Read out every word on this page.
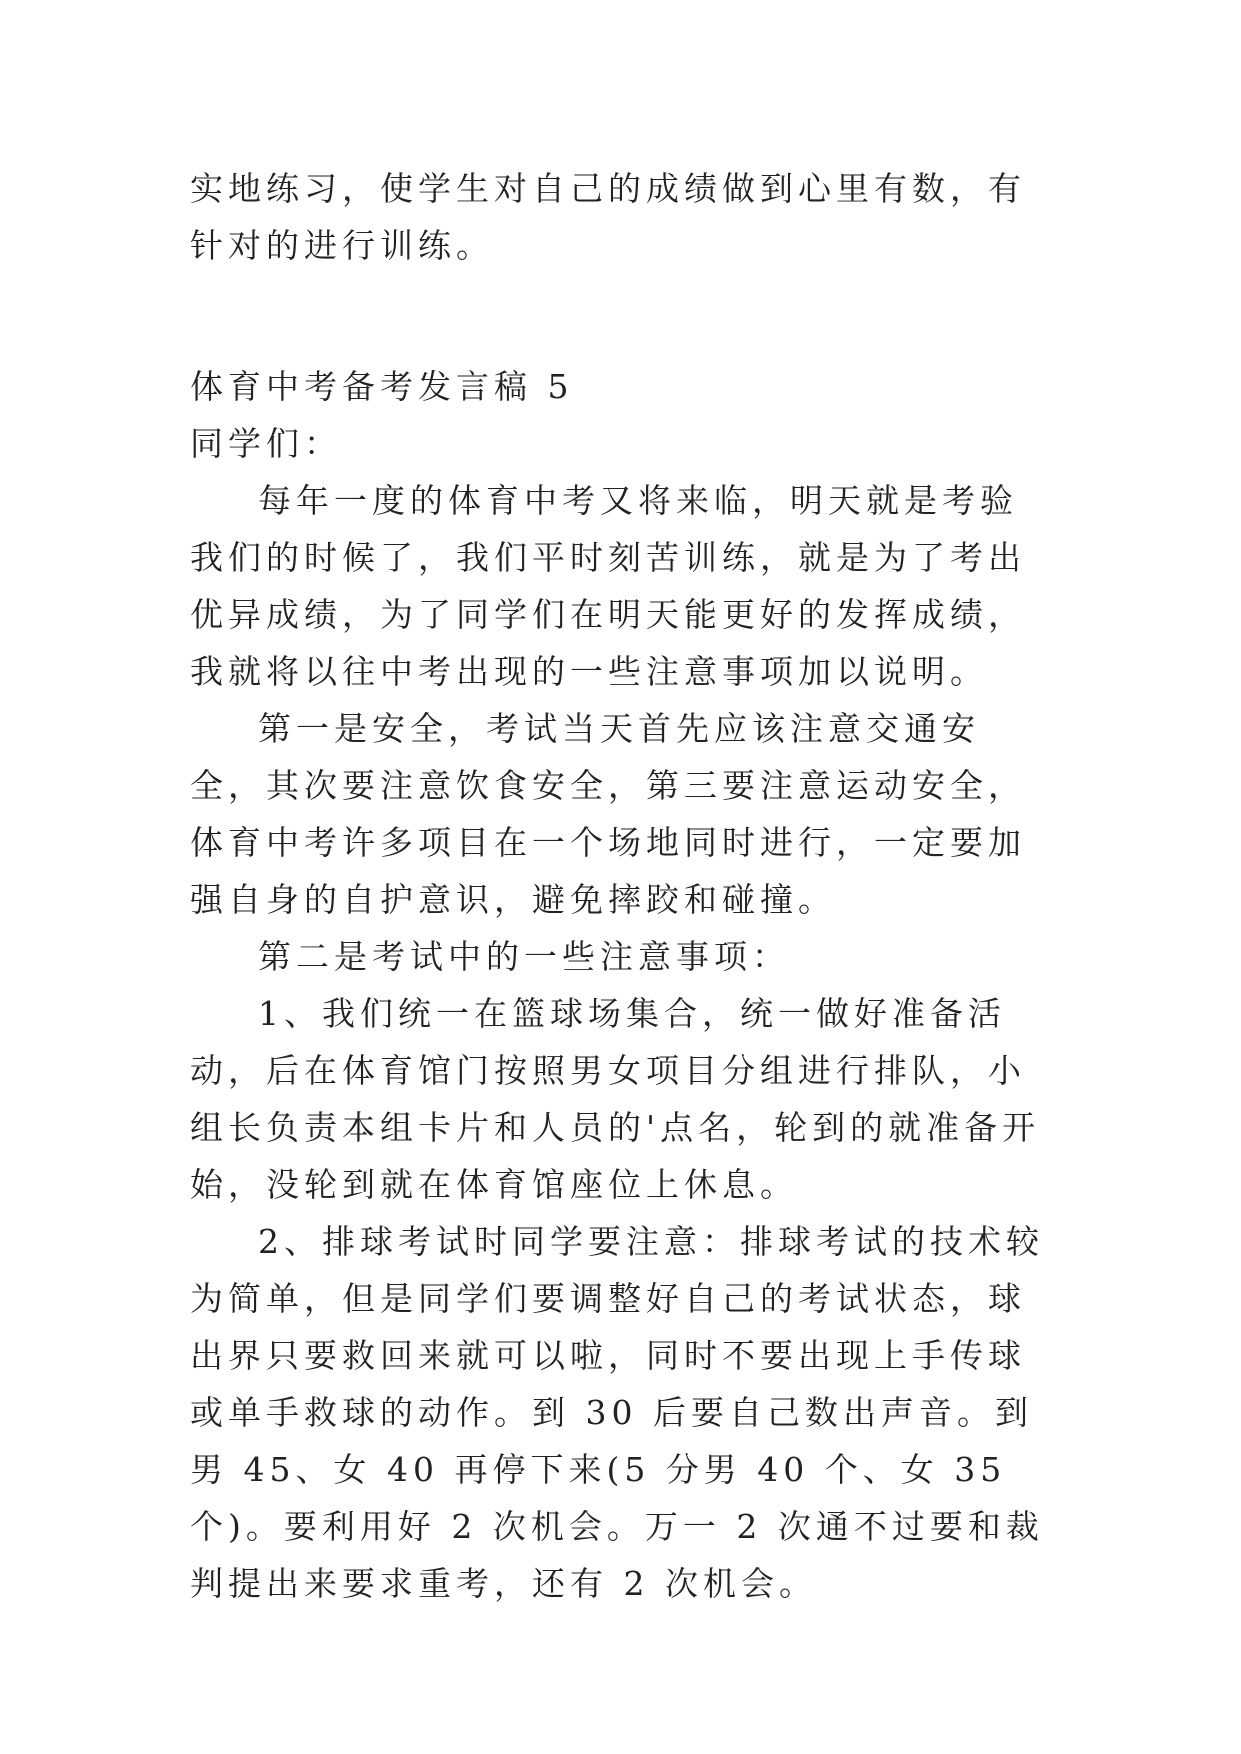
实地练习，使学生对自己的成绩做到心里有数，有针对的进行训练。

体育中考备考发言稿 5

同学们：

每年一度的体育中考又将来临，明天就是考验我们的时候了，我们平时刻苦训练，就是为了考出优异成绩，为了同学们在明天能更好的发挥成绩，我就将以往中考出现的一些注意事项加以说明。

第一是安全，考试当天首先应该注意交通安全，其次要注意饮食安全，第三要注意运动安全，体育中考许多项目在一个场地同时进行，一定要加强自身的自护意识，避免摔跤和碰撞。

第二是考试中的一些注意事项：

1、我们统一在篮球场集合，统一做好准备活动，后在体育馆门按照男女项目分组进行排队，小组长负责本组卡片和人员的'点名，轮到的就准备开始，没轮到就在体育馆座位上休息。

2、排球考试时同学要注意：排球考试的技术较为简单，但是同学们要调整好自己的考试状态，球出界只要救回来就可以啦，同时不要出现上手传球或单手救球的动作。到 30 后要自己数出声音。到男 45、女 40 再停下来(5 分男 40 个、女 35 个)。要利用好 2 次机会。万一 2 次通不过要和裁判提出来要求重考，还有 2 次机会。
